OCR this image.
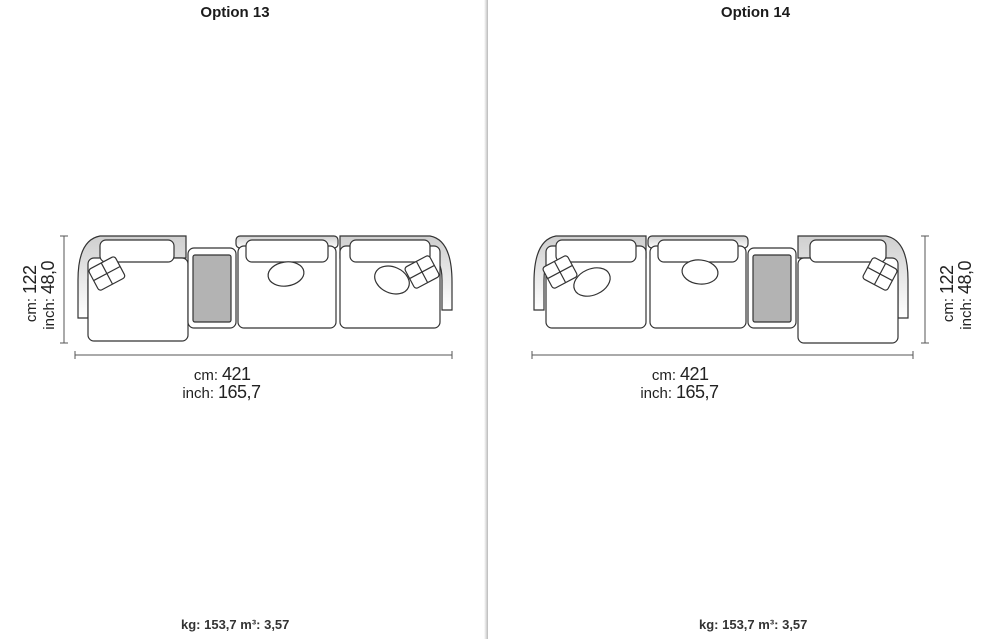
Option 13
cm: 421
inch: 165,7
cm:122
inch:48,0
kg: 153,7 m³: 3,57
Option 14
cm: 421
inch: 165,7
cm:122
inch:48,0
kg: 153,7 m³: 3,57
